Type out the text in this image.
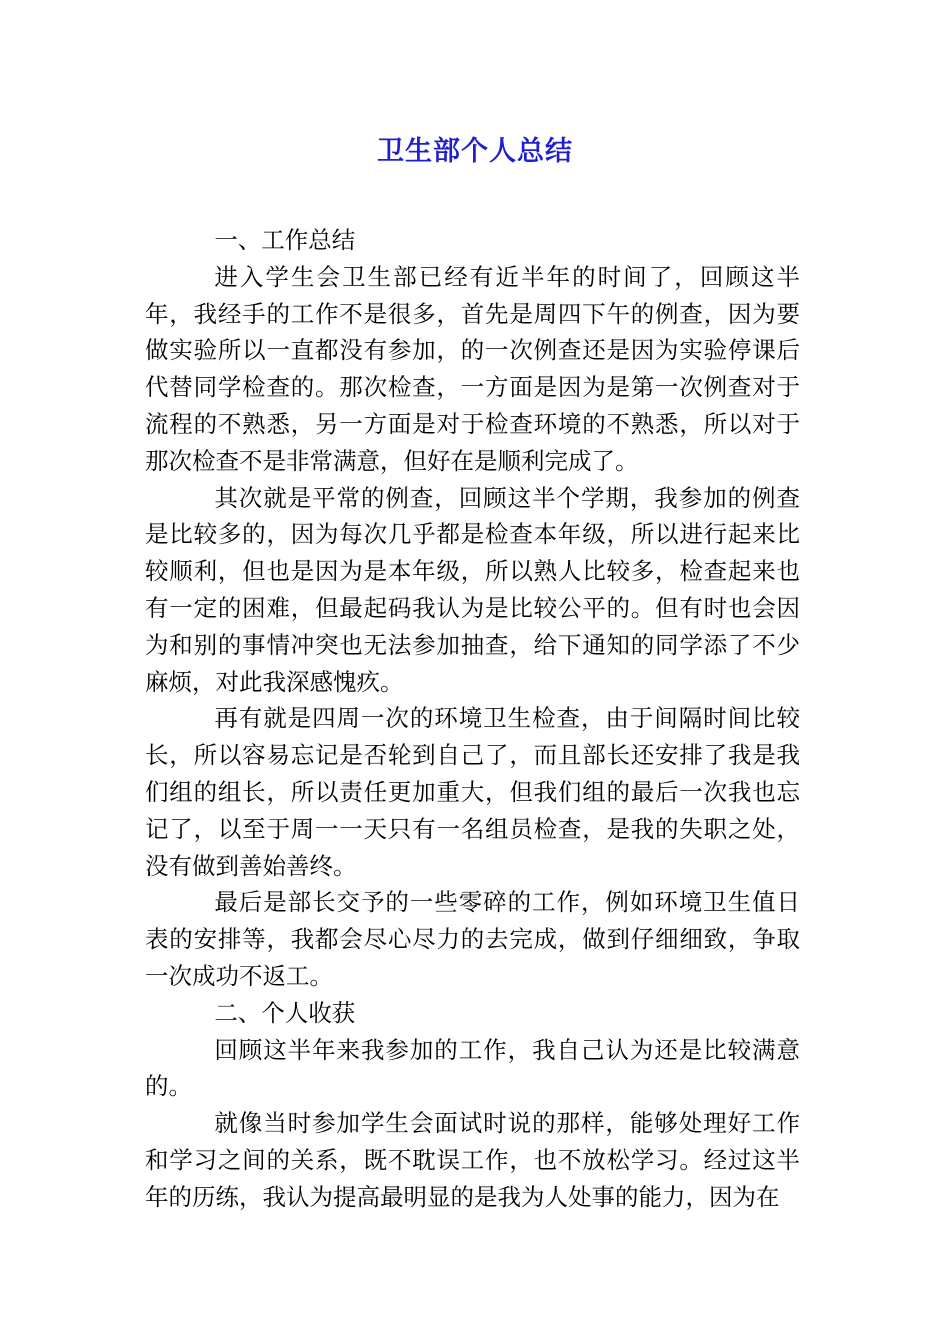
卫生部个人总结

一、工作总结

进入学生会卫生部已经有近半年的时间了，回顾这半年，我经手的工作不是很多，首先是周四下午的例查，因为要做实验所以一直都没有参加，的一次例查还是因为实验停课后代替同学检查的。那次检查，一方面是因为是第一次例查对于流程的不熟悉，另一方面是对于检查环境的不熟悉，所以对于那次检查不是非常满意，但好在是顺利完成了。

其次就是平常的例查，回顾这半个学期，我参加的例查是比较多的，因为每次几乎都是检查本年级，所以进行起来比较顺利，但也是因为是本年级，所以熟人比较多，检查起来也有一定的困难，但最起码我认为是比较公平的。但有时也会因为和别的事情冲突也无法参加抽查，给下通知的同学添了不少麻烦，对此我深感愧疚。

再有就是四周一次的环境卫生检查，由于间隔时间比较长，所以容易忘记是否轮到自己了，而且部长还安排了我是我们组的组长，所以责任更加重大，但我们组的最后一次我也忘记了，以至于周一一天只有一名组员检查，是我的失职之处，没有做到善始善终。

最后是部长交予的一些零碎的工作，例如环境卫生值日表的安排等，我都会尽心尽力的去完成，做到仔细细致，争取一次成功不返工。

二、个人收获

回顾这半年来我参加的工作，我自己认为还是比较满意的。

就像当时参加学生会面试时说的那样，能够处理好工作和学习之间的关系，既不耽误工作，也不放松学习。经过这半年的历练，我认为提高最明显的是我为人处事的能力，因为在
